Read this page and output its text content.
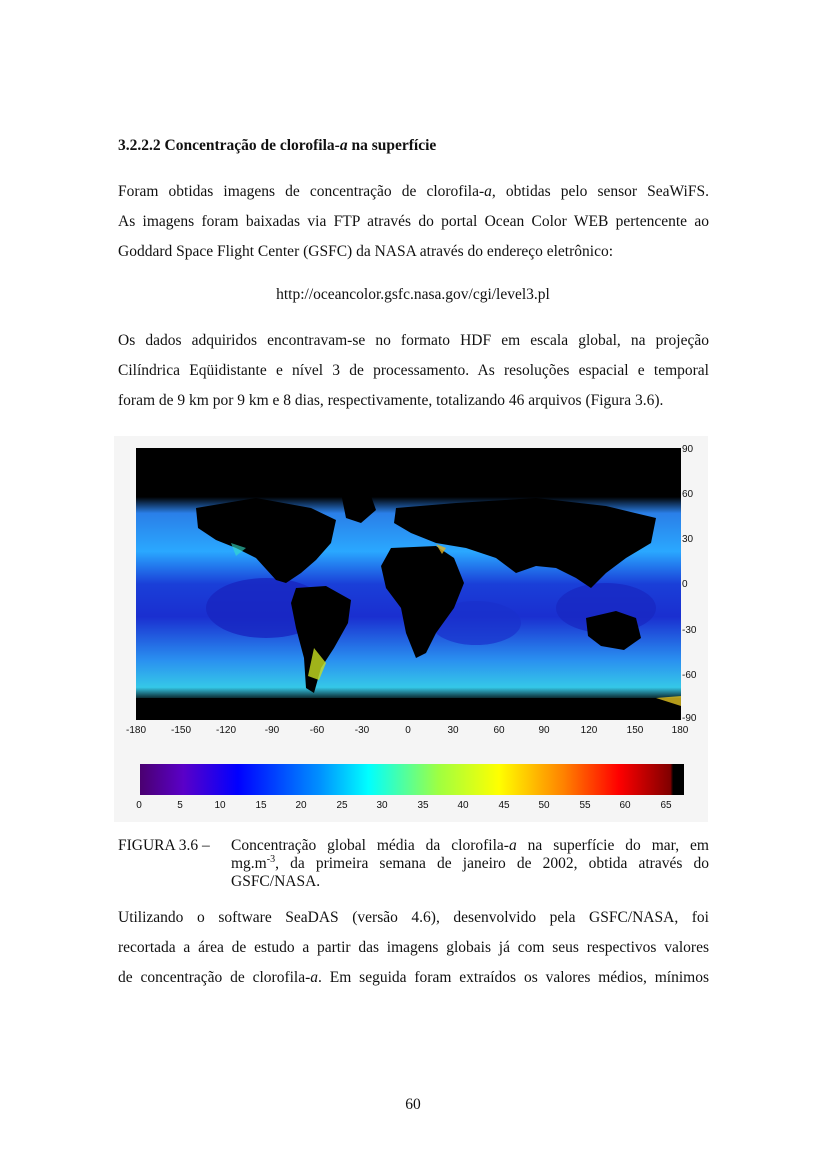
3.2.2.2 Concentração de clorofila-a na superfície
Foram obtidas imagens de concentração de clorofila-a, obtidas pelo sensor SeaWiFS.
As imagens foram baixadas via FTP através do portal Ocean Color WEB pertencente ao
Goddard Space Flight Center (GSFC) da NASA através do endereço eletrônico:
http://oceancolor.gsfc.nasa.gov/cgi/level3.pl
Os dados adquiridos encontravam-se no formato HDF em escala global, na projeção
Cilíndrica Eqüidistante e nível 3 de processamento. As resoluções espacial e temporal
foram de 9 km por 9 km e 8 dias, respectivamente, totalizando 46 arquivos (Figura 3.6).
90
60
30
0
-30
-60
-90
-180 -150 -120	-90	-60	-30	0	30	60	90	120	150	180
0	5	10	15	20	25	30	35	40	45	50	55	60	65
FIGURA 3.6 – Concentração global média da clorofila-a na superfície do mar, em
$mg.m^{-3}$, da primeira semana de janeiro de 2002, obtida através do
GSFC/NASA.
Utilizando o software SeaDAS (versão 4.6), desenvolvido pela GSFC/NASA, foi
recortada a área de estudo a partir das imagens globais já com seus respectivos valores
de concentração de clorofila-a. Em seguida foram extraídos os valores médios, mínimos
60
